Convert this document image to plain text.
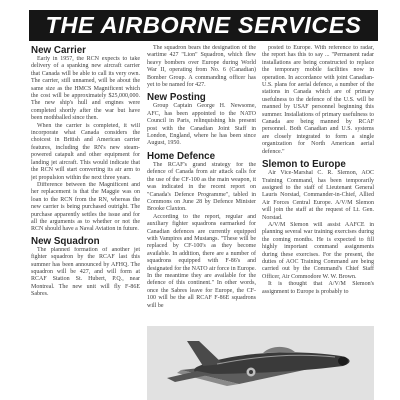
THE AIRBORNE SERVICES
New Carrier

Early in 1957, the RCN expects to take delivery of a spanking new aircraft carrier that Canada will be able to call its very own. The carrier, still unnamed, will be about the same size as the HMCS Magnificent which the cost will be approximately $25,000,000. The new ship's hull and engines were completed shortly after the war but have been mothballed since then.

When the carrier is completed, it will incorporate what Canada considers the choicest in British and American carrier features, including the RN's new steam-powered catapult and other equipment for landing jet aircraft. This would indicate that the RCN will start converting its air arm to jet propulsion within the next three years.

Difference between the Magnificent and her replacement is that the Maggie was on loan to the RCN from the RN, whereas the new carrier is being purchased outright. The purchase apparently settles the issue and for all the arguments as to whether or not the RCN should have a Naval Aviation in future.

New Squadron

The planned formation of another jet fighter squadron by the RCAF last this summer has been announced by AFHQ. The squadron will be 427, and will form at RCAF Station St. Hubert, P.Q., near Montreal. The new unit will fly F-86E Sabres.

The squadron bears the designation of the wartime 427 "Lion" Squadron, which flew heavy bombers over Europe during World War II, operating from No. 6 (Canadian) Bomber Group. A commanding officer has yet to be named for 427.

New Posting

Group Captain George H. Newsome, AFC, has been appointed to the NATO Council in Paris, relinquishing his present post with the Canadian Joint Staff in London, England, where he has been since August, 1950.

Home Defence

The RCAF's grand strategy for the defence of Canada from air attack calls for the use of the CF-100 as the main weapon, it was indicated in the recent report on "Canada's Defence Programme", tabled in Commons on June 28 by Defence Minister Brooke Claxton.

According to the report, regular and auxiliary fighter squadrons earmarked for Canadian defences are currently equipped with Vampires and Mustangs. "These will be replaced by CF-100's as they become available. In addition, there are a number of squadrons equipped with F-86's and designated for the NATO air force in Europe. In the meantime they are available for the defence of this continent." In other words, once the Sabres leave for Europe, the CF-100 will be the all RCAF F-86E squadrons will be

posted to Europe. With reference to radar, the report has this to say ... "Permanent radar installations are being constructed to replace the temporary mobile facilities now in operation. In accordance with joint Canadian-U.S. plans for aerial defence, a number of the stations in Canada which are of primary usefulness to the defence of the U.S. will be manned by USAF personnel beginning this summer. Installations of primary usefulness to Canada are being manned by RCAF personnel. Both Canadian and U.S. systems are closely integrated to form a single organization for North American aerial defence."

Slemon to Europe

Air Vice-Marshal C. R. Slemon, AOC Training Command, has been temporarily assigned to the staff of Lieutenant General Lauris Norstad, Commander-in-Chief, Allied Air Forces Central Europe. A/V/M Slemon will join the staff at the request of Lt. Gen. Norstad.

A/V/M Slemon will assist AAFCE in planning several war training exercises during the coming months. He is expected to fill highly important command assignments during these exercises. For the present, the duties of AOC Training Command are being carried out by the Command's Chief Staff Officer, Air Commodore W. W. Brown.

It is thought that A/V/M Slemon's assignment to Europe is probably to
